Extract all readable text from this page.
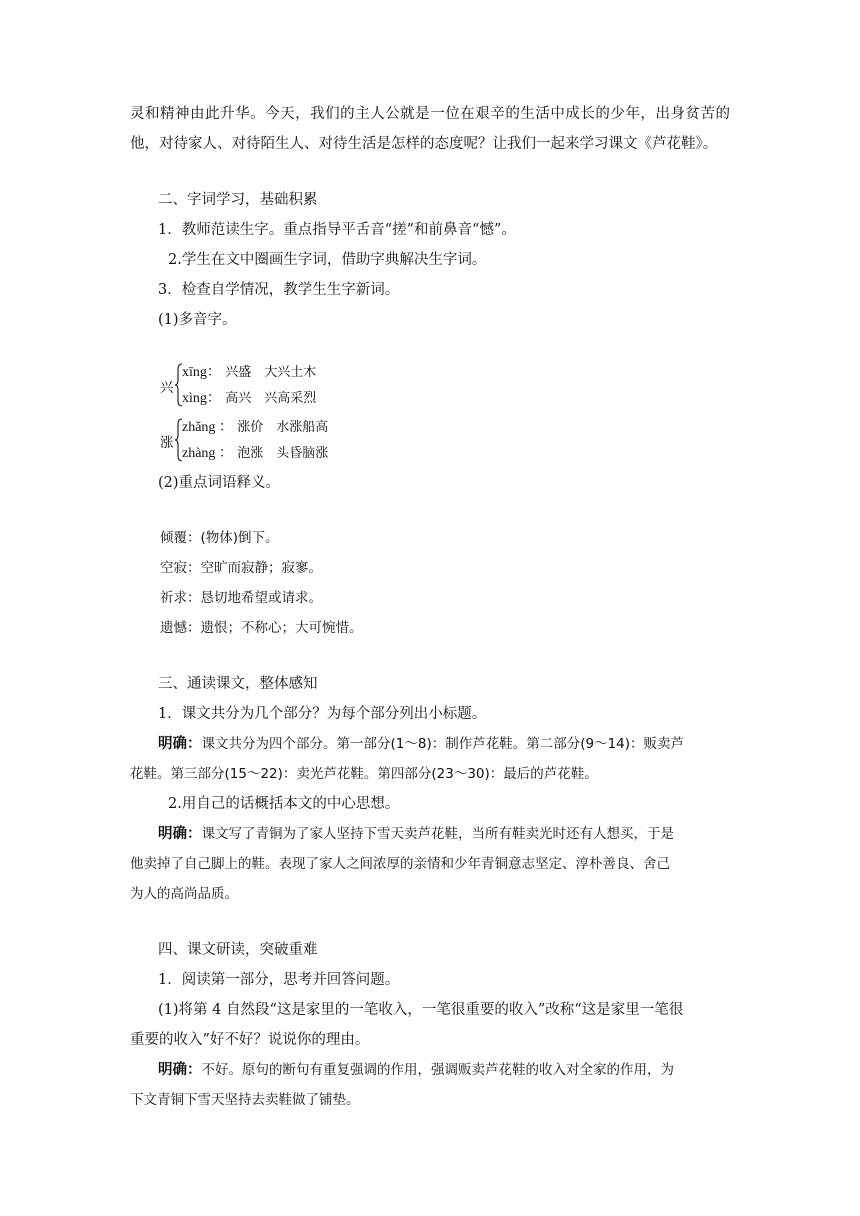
灵和精神由此升华。今天，我们的主人公就是一位在艰辛的生活中成长的少年，出身贫苦的
他，对待家人、对待陌生人、对待生活是怎样的态度呢？让我们一起来学习课文《芦花鞋》。
二、字词学习，基础积累
1．教师范读生字。重点指导平舌音“搓”和前鼻音“憾”。
2.学生在文中圈画生字词，借助字典解决生字词。
3．检查自学情况，教学生生字新词。
(1)多音字。
兴
xīng： 兴盛　大兴土木
xìng： 高兴　兴高采烈
涨
zhǎng ： 涨价　水涨船高
zhàng ： 泡涨　头昏脑涨
(2)重点词语释义。
倾覆：(物体)倒下。
空寂：空旷而寂静；寂寥。
祈求：恳切地希望或请求。
遗憾：遗恨；不称心；大可惋惜。
三、通读课文，整体感知
1．课文共分为几个部分？为每个部分列出小标题。
明确：课文共分为四个部分。第一部分(1～8)：制作芦花鞋。第二部分(9～14)：贩卖芦
花鞋。第三部分(15～22)：卖光芦花鞋。第四部分(23～30)：最后的芦花鞋。
2.用自己的话概括本文的中心思想。
明确：课文写了青铜为了家人坚持下雪天卖芦花鞋，当所有鞋卖光时还有人想买，于是
他卖掉了自己脚上的鞋。表现了家人之间浓厚的亲情和少年青铜意志坚定、淳朴善良、舍己
为人的高尚品质。
四、课文研读，突破重难
1．阅读第一部分，思考并回答问题。
(1)将第 4 自然段“这是家里的一笔收入，一笔很重要的收入”改称“这是家里一笔很
重要的收入”好不好？说说你的理由。
明确：不好。原句的断句有重复强调的作用，强调贩卖芦花鞋的收入对全家的作用，为
下文青铜下雪天坚持去卖鞋做了铺垫。
